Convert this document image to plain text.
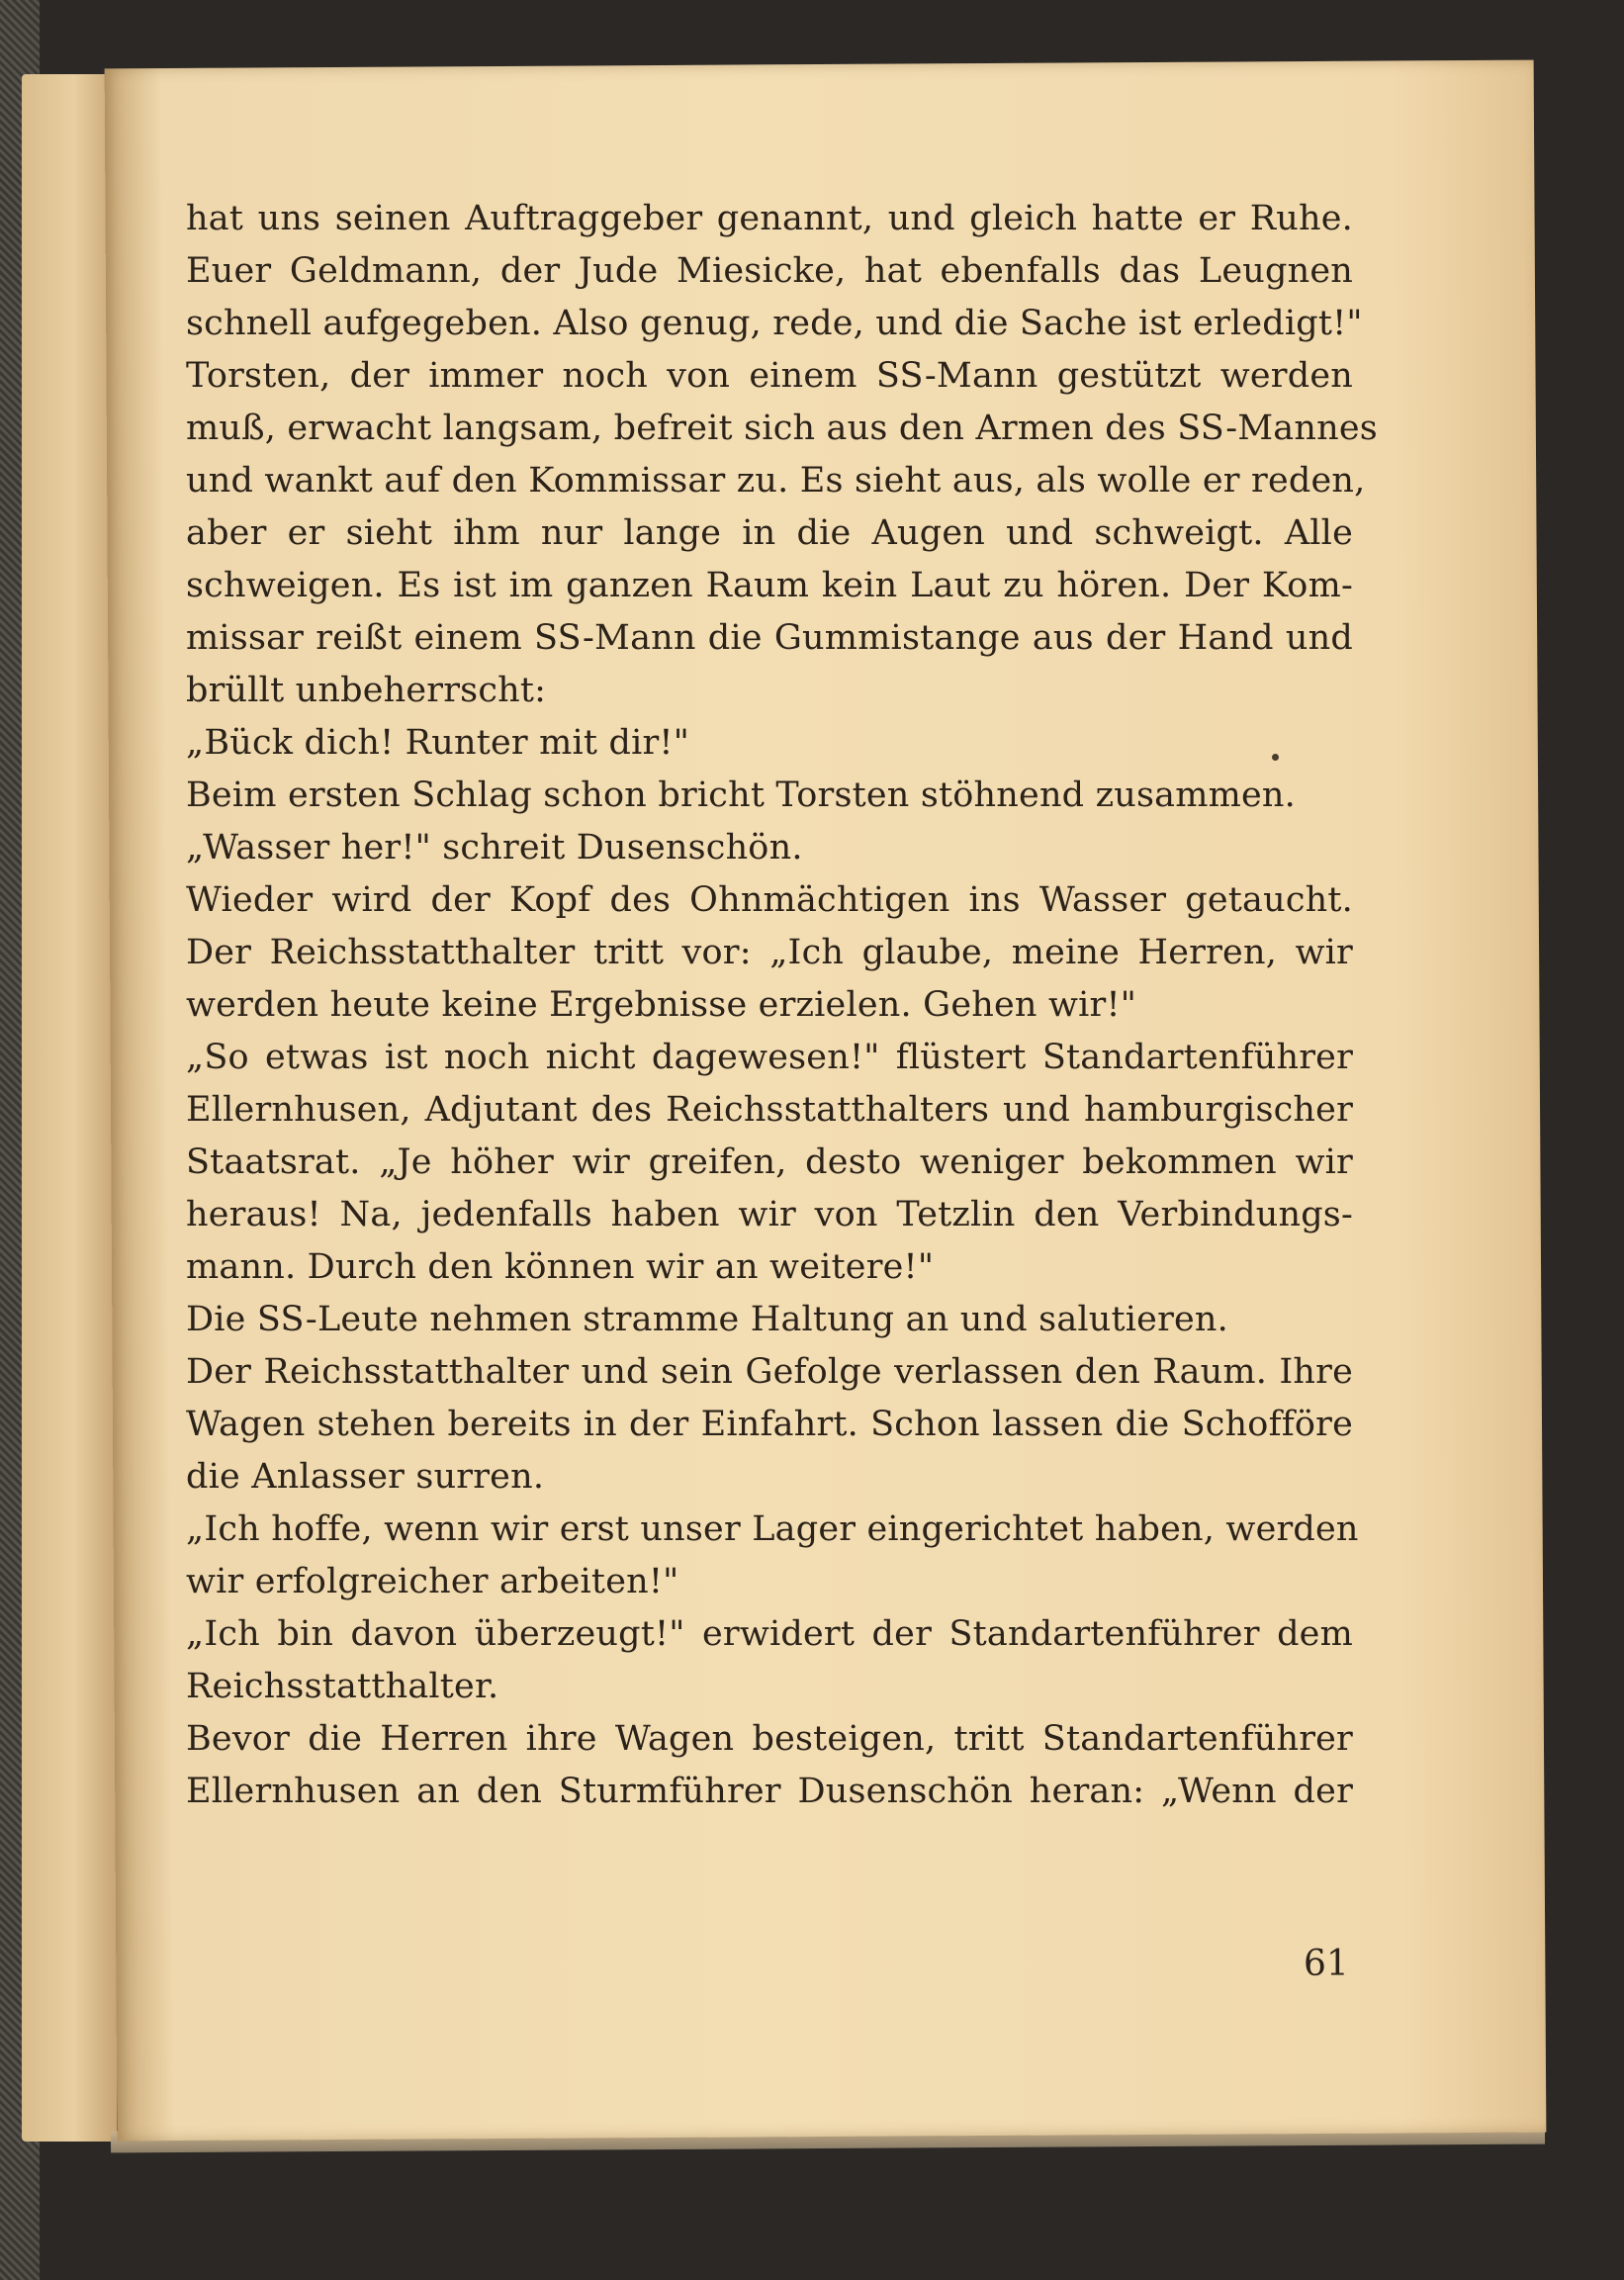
hat uns seinen Auftraggeber genannt, und gleich hatte er Ruhe.
Euer Geldmann, der Jude Miesicke, hat ebenfalls das Leugnen
schnell aufgegeben. Also genug, rede, und die Sache ist erledigt!"
Torsten, der immer noch von einem SS-Mann gestützt werden
muß, erwacht langsam, befreit sich aus den Armen des SS-Mannes
und wankt auf den Kommissar zu. Es sieht aus, als wolle er reden,
aber er sieht ihm nur lange in die Augen und schweigt. Alle
schweigen. Es ist im ganzen Raum kein Laut zu hören. Der Kom-
missar reißt einem SS-Mann die Gummistange aus der Hand und
brüllt unbeherrscht:
„Bück dich! Runter mit dir!"
Beim ersten Schlag schon bricht Torsten stöhnend zusammen.
„Wasser her!" schreit Dusenschön.
Wieder wird der Kopf des Ohnmächtigen ins Wasser getaucht.
Der Reichsstatthalter tritt vor: „Ich glaube, meine Herren, wir
werden heute keine Ergebnisse erzielen. Gehen wir!"
„So etwas ist noch nicht dagewesen!" flüstert Standartenführer
Ellernhusen, Adjutant des Reichsstatthalters und hamburgischer
Staatsrat. „Je höher wir greifen, desto weniger bekommen wir
heraus! Na, jedenfalls haben wir von Tetzlin den Verbindungs-
mann. Durch den können wir an weitere!"
Die SS-Leute nehmen stramme Haltung an und salutieren.
Der Reichsstatthalter und sein Gefolge verlassen den Raum. Ihre
Wagen stehen bereits in der Einfahrt. Schon lassen die Schofföre
die Anlasser surren.
„Ich hoffe, wenn wir erst unser Lager eingerichtet haben, werden
wir erfolgreicher arbeiten!"
„Ich bin davon überzeugt!" erwidert der Standartenführer dem
Reichsstatthalter.
Bevor die Herren ihre Wagen besteigen, tritt Standartenführer
Ellernhusen an den Sturmführer Dusenschön heran: „Wenn der
61
